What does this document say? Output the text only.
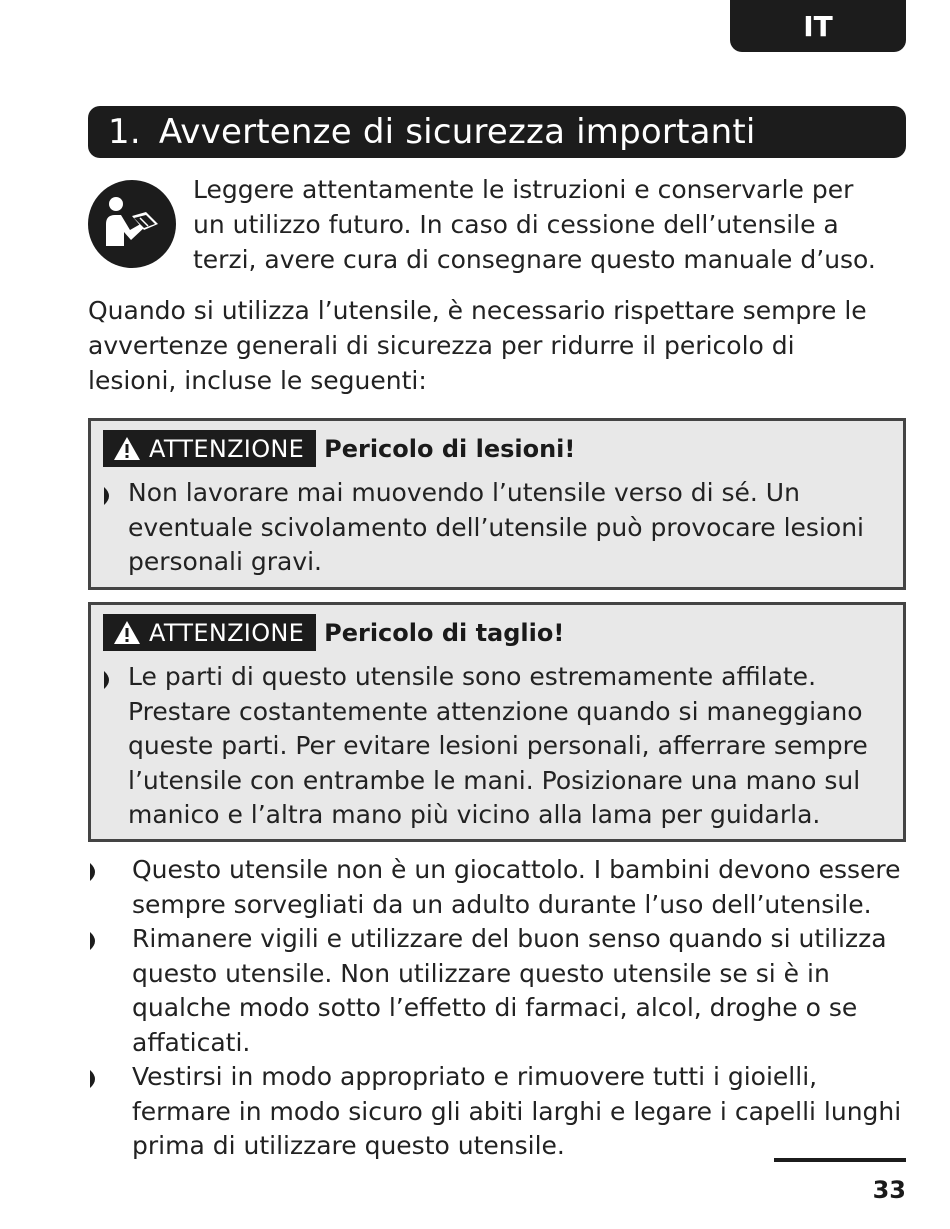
IT
1. Avvertenze di sicurezza importanti
Leggere attentamente le istruzioni e conservarle per un utilizzo futuro. In caso di cessione dell’utensile a terzi, avere cura di consegnare questo manuale d’uso.
Quando si utilizza l’utensile, è necessario rispettare sempre le avvertenze generali di sicurezza per ridurre il pericolo di lesioni, incluse le seguenti:
ATTENZIONE Pericolo di lesioni!
Non lavorare mai muovendo l’utensile verso di sé. Un eventuale scivolamento dell’utensile può provocare lesioni personali gravi.
ATTENZIONE Pericolo di taglio!
Le parti di questo utensile sono estremamente affilate. Prestare costantemente attenzione quando si maneggiano queste parti. Per evitare lesioni personali, afferrare sempre l’utensile con entrambe le mani. Posizionare una mano sul manico e l’altra mano più vicino alla lama per guidarla.
Questo utensile non è un giocattolo. I bambini devono essere sempre sorvegliati da un adulto durante l’uso dell’utensile.
Rimanere vigili e utilizzare del buon senso quando si utilizza questo utensile. Non utilizzare questo utensile se si è in qualche modo sotto l’effetto di farmaci, alcol, droghe o se affaticati.
Vestirsi in modo appropriato e rimuovere tutti i gioielli, fermare in modo sicuro gli abiti larghi e legare i capelli lunghi prima di utilizzare questo utensile.
33
